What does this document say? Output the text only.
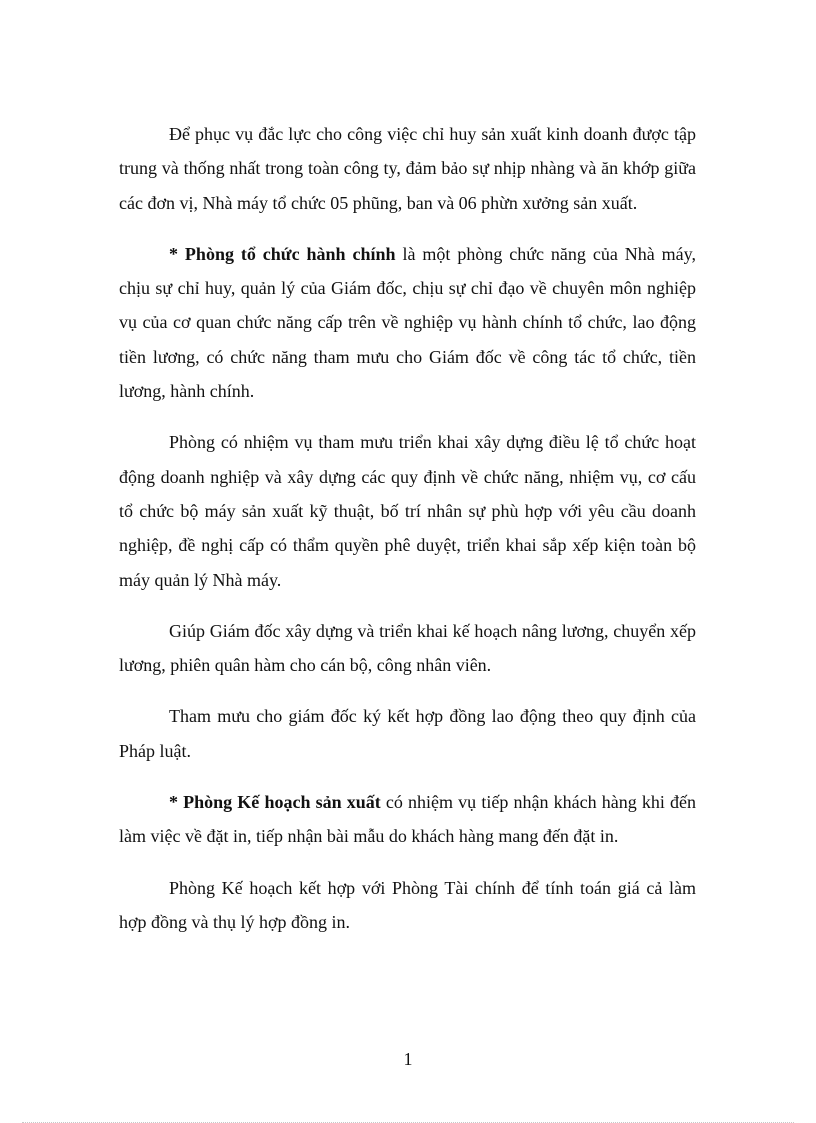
Để phục vụ đắc lực cho công việc chỉ huy sản xuất kinh doanh được tập trung và thống nhất trong toàn công ty, đảm bảo sự nhịp nhàng và ăn khớp giữa các đơn vị, Nhà máy tổ chức 05 phũng, ban và 06 phừn xưởng sản xuất.

* Phòng tổ chức hành chính là một phòng chức năng của Nhà máy, chịu sự chỉ huy, quản lý của Giám đốc, chịu sự chỉ đạo về chuyên môn nghiệp vụ của cơ quan chức năng cấp trên về nghiệp vụ hành chính tổ chức, lao động tiền lương, có chức năng tham mưu cho Giám đốc về công tác tổ chức, tiền lương, hành chính.

Phòng có nhiệm vụ tham mưu triển khai xây dựng điều lệ tổ chức hoạt động doanh nghiệp và xây dựng các quy định về chức năng, nhiệm vụ, cơ cấu tổ chức bộ máy sản xuất kỹ thuật, bố trí nhân sự phù hợp với yêu cầu doanh nghiệp, đề nghị cấp có thẩm quyền phê duyệt, triển khai sắp xếp kiện toàn bộ máy quản lý Nhà máy.

Giúp Giám đốc xây dựng và triển khai kế hoạch nâng lương, chuyển xếp lương, phiên quân hàm cho cán bộ, công nhân viên.

Tham mưu cho giám đốc ký kết hợp đồng lao động theo quy định của Pháp luật.

* Phòng Kế hoạch sản xuất có nhiệm vụ tiếp nhận khách hàng khi đến làm việc về đặt in, tiếp nhận bài mẫu do khách hàng mang đến đặt in.

Phòng Kế hoạch kết hợp với Phòng Tài chính để tính toán giá cả làm hợp đồng và thụ lý hợp đồng in.

1
